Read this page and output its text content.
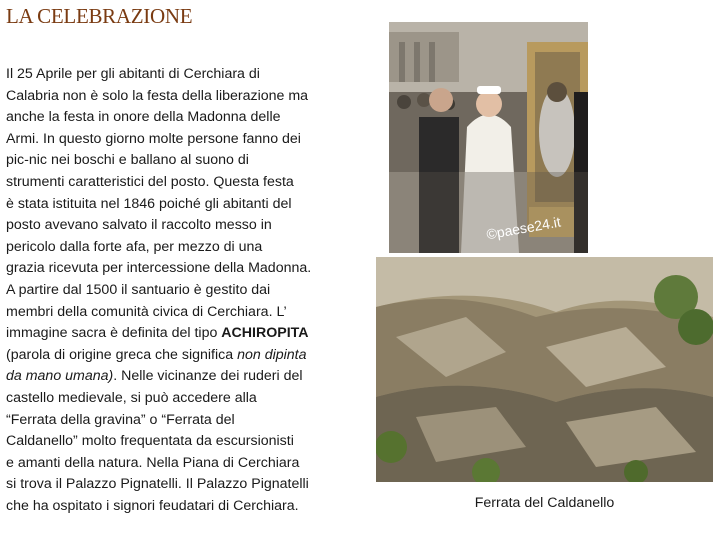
LA CELEBRAZIONE
Il 25 Aprile per gli abitanti di Cerchiara di
Calabria non è solo la festa della liberazione ma
anche la festa in onore della Madonna delle
Armi. In questo giorno molte persone fanno dei
pic-nic nei boschi e ballano al suono di
strumenti caratteristici del posto. Questa festa
è stata istituita nel 1846 poiché gli abitanti del
posto avevano salvato il raccolto messo in
pericolo dalla forte afa, per mezzo di una
grazia ricevuta per intercessione della Madonna.
A partire dal 1500 il santuario è gestito dai
membri della comunità civica di Cerchiara. L’
immagine sacra è definita del tipo ACHIROPITA
(parola di origine greca che significa non dipinta
da mano umana). Nelle vicinanze dei ruderi del
castello medievale, si può accedere alla
“Ferrata della gravina” o “Ferrata del
Caldanello” molto frequentata da escursionisti
e amanti della natura. Nella Piana di Cerchiara
si trova il Palazzo Pignatelli. Il Palazzo Pignatelli
che ha ospitato i signori feudatari di Cerchiara.
©paese24.it
Ferrata del Caldanello
